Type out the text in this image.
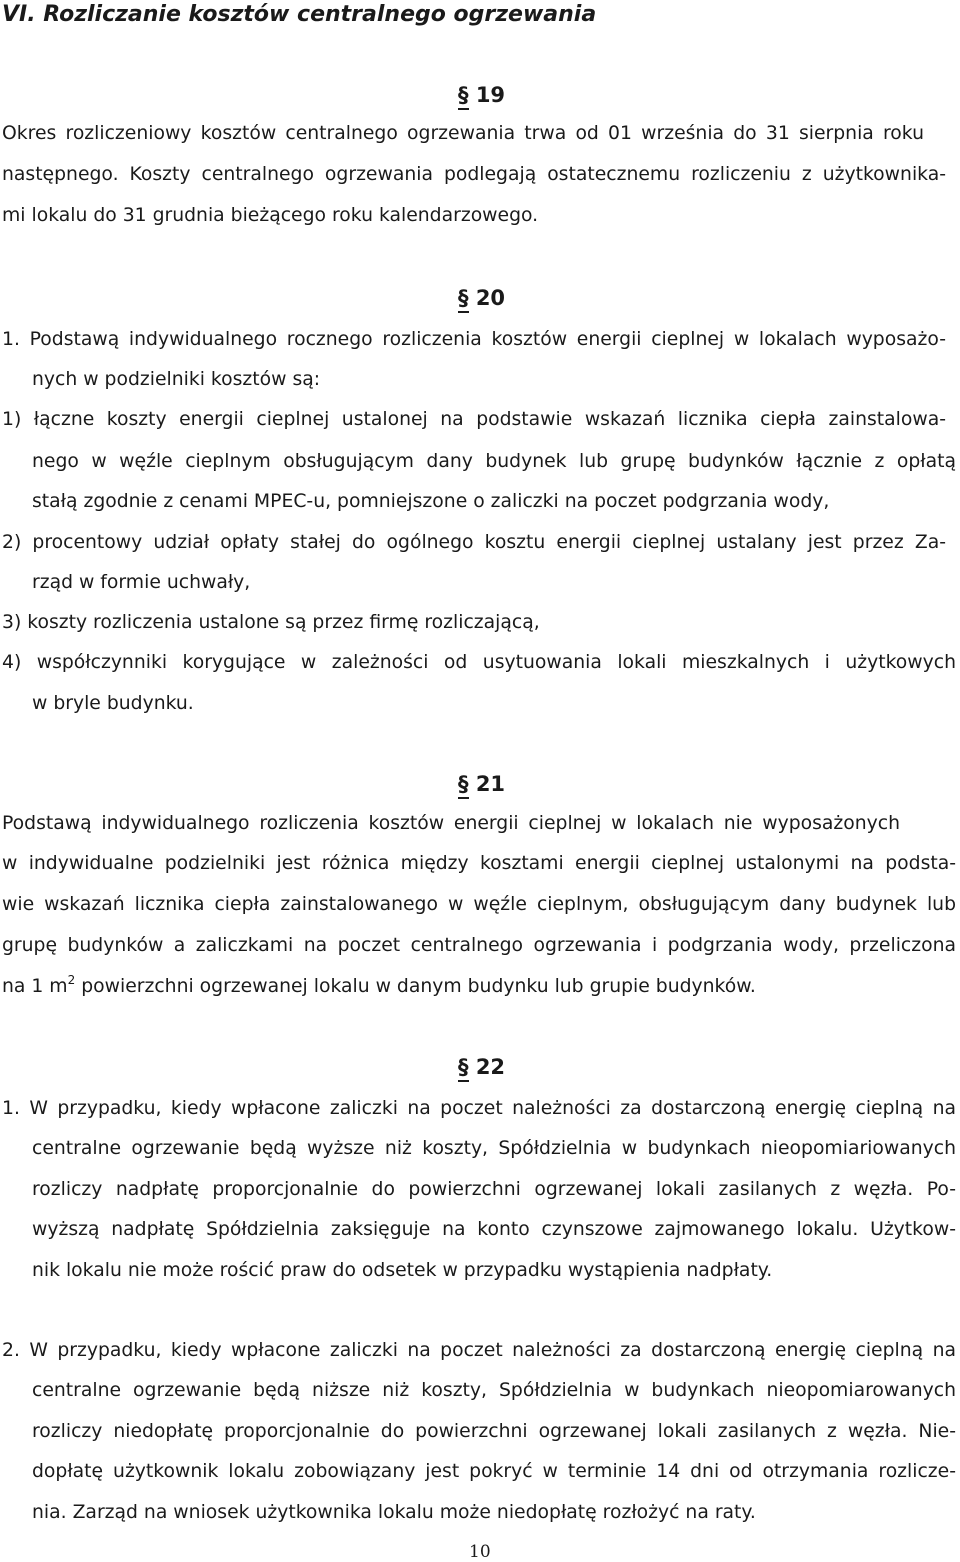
VI. Rozliczanie kosztów centralnego ogrzewania
§ 19

Okres rozliczeniowy kosztów centralnego ogrzewania trwa od 01 września do 31 sierpnia roku

następnego. Koszty centralnego ogrzewania podlegają ostatecznemu rozliczeniu z użytkownika-

mi lokalu do 31 grudnia bieżącego roku kalendarzowego.

§ 20

1. Podstawą indywidualnego rocznego rozliczenia kosztów energii cieplnej w lokalach wyposażo-

nych w podzielniki kosztów są:

1) łączne koszty energii cieplnej ustalonej na podstawie wskazań licznika ciepła zainstalowa-

nego w węźle cieplnym obsługującym dany budynek lub grupę budynków łącznie z opłatą

stałą zgodnie z cenami MPEC-u, pomniejszone o zaliczki na poczet podgrzania wody,

2) procentowy udział opłaty stałej do ogólnego kosztu energii cieplnej ustalany jest przez Za-

rząd w formie uchwały,

3) koszty rozliczenia ustalone są przez firmę rozliczającą,

4) współczynniki korygujące w zależności od usytuowania lokali mieszkalnych i użytkowych

w bryle budynku.

§ 21

Podstawą indywidualnego rozliczenia kosztów energii cieplnej w lokalach nie wyposażonych

w indywidualne podzielniki jest różnica między kosztami energii cieplnej ustalonymi na podsta-

wie wskazań licznika ciepła zainstalowanego w węźle cieplnym, obsługującym dany budynek lub

grupę budynków a zaliczkami na poczet centralnego ogrzewania i podgrzania wody, przeliczona

na 1 $m^2$ powierzchni ogrzewanej lokalu w danym budynku lub grupie budynków.

§ 22

1. W przypadku, kiedy wpłacone zaliczki na poczet należności za dostarczoną energię cieplną na

centralne ogrzewanie będą wyższe niż koszty, Spółdzielnia w budynkach nieopomiariowanych

rozliczy nadpłatę proporcjonalnie do powierzchni ogrzewanej lokali zasilanych z węzła. Po-

wyższą nadpłatę Spółdzielnia zaksięguje na konto czynszowe zajmowanego lokalu. Użytkow-

nik lokalu nie może rościć praw do odsetek w przypadku wystąpienia nadpłaty.

2. W przypadku, kiedy wpłacone zaliczki na poczet należności za dostarczoną energię cieplną na

centralne ogrzewanie będą niższe niż koszty, Spółdzielnia w budynkach nieopomiarowanych

rozliczy niedopłatę proporcjonalnie do powierzchni ogrzewanej lokali zasilanych z węzła. Nie-

dopłatę użytkownik lokalu zobowiązany jest pokryć w terminie 14 dni od otrzymania rozlicze-

nia. Zarząd na wniosek użytkownika lokalu może niedopłatę rozłożyć na raty.

10
